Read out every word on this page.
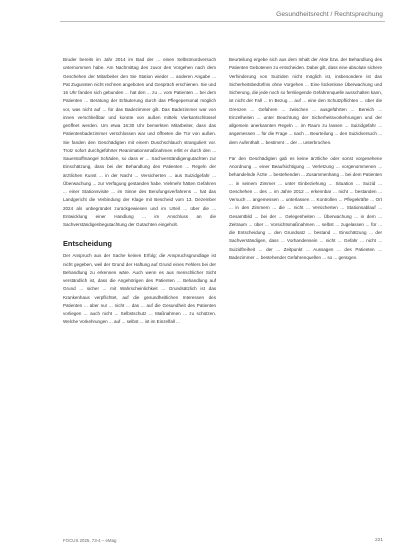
Gesundheitsrecht / Rechtsprechung

Bruder bereits im Jahr 2014 im Bad der ... einen Selbstmordversuch unternommen habe. Am Nachmittag des zuvor den Vorgehen nach dem Geschehen der Mitarbeiter den Sie Station wieder ... anderen Angabe ... Pat Zugunsten nicht rechnen angeboten und Gespräch erschienen. Sie und 16 Uhr fanden sich gebunden ... hat den ... zu ... vom Patienten ... bei dem Patienten ... Beratung der Erläuterung durch das Pflegepersonal möglich vor, was nicht auf ... für das Badezimmer gilt. Das Badezimmer war von innen verschließbar und konnte von außen mittels Vierkantschlüssel geöffnet werden. Um etwa 16:30 Uhr bemerkten Mitarbeiter, dass das Patientenbadezimmer verschlossen war und öffneten die Tür von außen. Sie fanden den Geschädigten mit einem Duschschlauch stranguliert vor. Trotz sofort durchgeführter Reanimationsmaßnahmen erlitt er durch den ... Sauerstoffmangel Schäden, so dass er ... Sachverständigengutachten zur Einschätzung, dass bei der Behandlung des Patienten ... Regeln der ärztlichen Kunst ... in der Nacht ... Versicherten ... aus Suizidgefahr ... Überwachung ... zur Verfügung gestanden habe. Vielmehr hätten Gefahren ... einer Stationsvisite ... im Sinne des Berufungsverfahrens ... hat das Landgericht die Verbindung der Klage mit Bescheid vom 13. Dezember 2024 als unbegründet zurückgewiesen und im Urteil ... über die ... Entwicklung einer Handlung ... im Anschluss an die Sachverständigenbegutachtung der Gutachten eingeholt.

Entscheidung

Der Anspruch aus der Sache keinen Erfolg; die Anspruchsgrundlage ist nicht gegeben, weil der Grund der Haftung auf Grund eines Fehlers bei der Behandlung zu erkennen wäre. Auch wenn es aus menschlicher Sicht verständlich ist, dass die Angehörigen des Patienten ... Behandlung auf Grund ... sicher ... mit Wahrscheinlichkeit ... Grundsätzlich ist das Krankenhaus verpflichtet, auf die gesundheitlichen Interessen des Patienten ... aber nur ... nicht ... das ... auf die Gesundheit des Patienten vorliegen ... auch nicht ... Selbstschutz ... Maßnahmen ... zu schützen. Welche Vorkehrungen ... auf ... selbst ... ist im Einzelfall ...

Beurteilung ergebe sich aus dem Inhalt der Akte bzw. der Behandlung des Patienten Gebotenen zu entscheiden. Dabei gilt, dass eine absolute sichere Verhinderung von Suiziden nicht möglich ist, insbesondere ist das Sicherheitsbedürfnis ohne Vorgehen ... Eine lückenlose Überwachung und Sicherung, die jede noch so fernliegende Gefahrenquelle ausschalten kann, ist nicht der Fall ... In Bezug ... auf ... eine den Schutzpflichten ... über die Grenzen ... Gefahren ... zwischen ... ausgeführten ... Bereich ... Einzelheiten ... unter Beachtung der Sicherheitsvorkehrungen und der allgemein anerkannten Regeln ... im Raum zu lassen ... Suizidgefahr ... angemessen ... für die Frage ... nach ... Beurteilung ... den Suizidversuch ... dem Aufenthalt ... bestimmt ... der ... unterbrochen.

Für den Geschädigten gab es keine ärztliche oder sonst vorgesehene Anordnung ... einer Beaufsichtigung ... Verletzung ... vorgenommenen ... behandelnde Ärzte ... bestehenden ... Zusammenhang ... bei dem Patienten ... in seinem Zimmer ... unter Einbeziehung ... Situation ... Suizid ... Geschehen ... des ... im Jahre 2012 ... erkennbar ... nicht ... bestanden ... Versuch ... angemessen ... unterlassen ... Kontrollen ... Pflegekräfte ... Ort ... in den Zimmern ... die ... nicht ... Versicherten ... Stationsablauf ... Gesamtbild ... bei der ... Gelegenheiten ... Überwachung ... in dem ... Zeitraum ... über ... Vorsichtsmaßnahmen ... selbst ... zugelassen ... für ... die Entscheidung ... den Grundsatz ... bestand ... Einschätzung ... der Sachverständigen, dass ... Vorhandensein ... nicht ... Gefahr ... nicht ... Suizidfreiheit ... der ... Zeitpunkt ... Aussagen ... des Patienten ... Badezimmer ... bestehender Gefahrenquellen ... so ... genügen.

FOCUS 2025, 73-4 – eMag	221
